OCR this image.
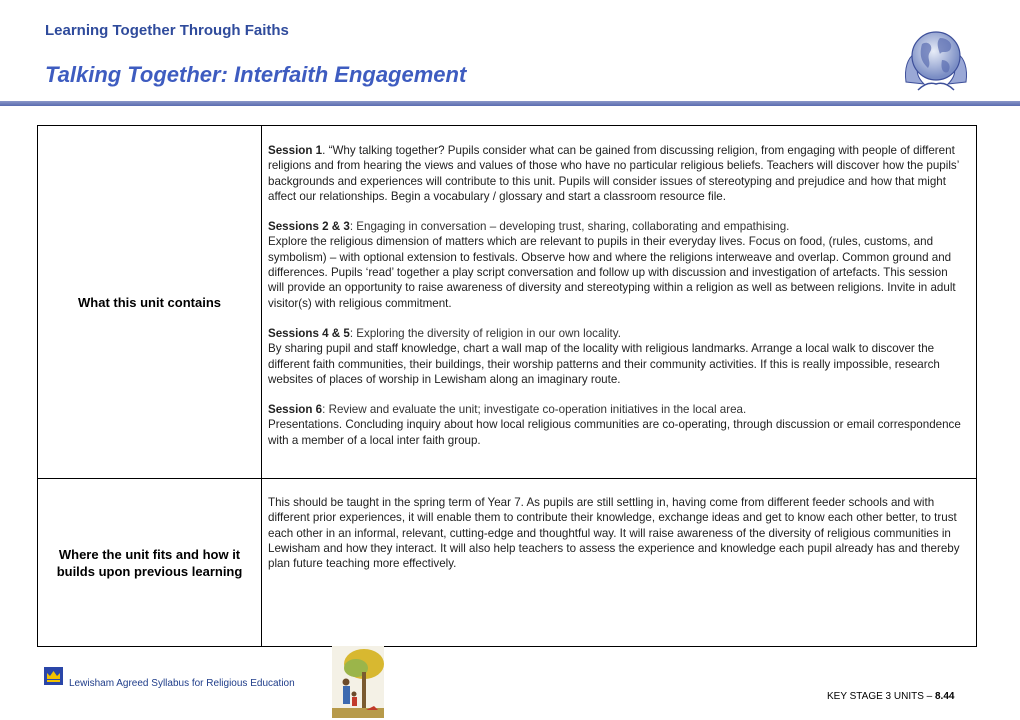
Learning Together Through Faiths
Talking Together: Interfaith Engagement
What this unit contains

Session 1. “Why talking together? Pupils consider what can be gained from discussing religion, from engaging with people of different religions and from hearing the views and values of those who have no particular religious beliefs. Teachers will discover how the pupils’ backgrounds and experiences will contribute to this unit. Pupils will consider issues of stereotyping and prejudice and how that might affect our relationships. Begin a vocabulary / glossary and start a classroom resource file.

Sessions 2 & 3: Engaging in conversation – developing trust, sharing, collaborating and empathising.
Explore the religious dimension of matters which are relevant to pupils in their everyday lives. Focus on food, (rules, customs, and symbolism) – with optional extension to festivals. Observe how and where the religions interweave and overlap. Common ground and differences. Pupils ‘read’ together a play script conversation and follow up with discussion and investigation of artefacts. This session will provide an opportunity to raise awareness of diversity and stereotyping within a religion as well as between religions. Invite in adult visitor(s) with religious commitment.

Sessions 4 & 5: Exploring the diversity of religion in our own locality.
By sharing pupil and staff knowledge, chart a wall map of the locality with religious landmarks. Arrange a local walk to discover the different faith communities, their buildings, their worship patterns and their community activities. If this is really impossible, research websites of places of worship in Lewisham along an imaginary route.

Session 6: Review and evaluate the unit; investigate co-operation initiatives in the local area.
Presentations. Concluding inquiry about how local religious communities are co-operating, through discussion or email correspondence with a member of a local inter faith group.

Where the unit fits and how it builds upon previous learning

This should be taught in the spring term of Year 7. As pupils are still settling in, having come from different feeder schools and with different prior experiences, it will enable them to contribute their knowledge, exchange ideas and get to know each other better, to trust each other in an informal, relevant, cutting-edge and thoughtful way. It will raise awareness of the diversity of religious communities in Lewisham and how they interact. It will also help teachers to assess the experience and knowledge each pupil already has and thereby plan future teaching more effectively.

Lewisham Agreed Syllabus for Religious Education
KEY STAGE 3 UNITS – 8.44
